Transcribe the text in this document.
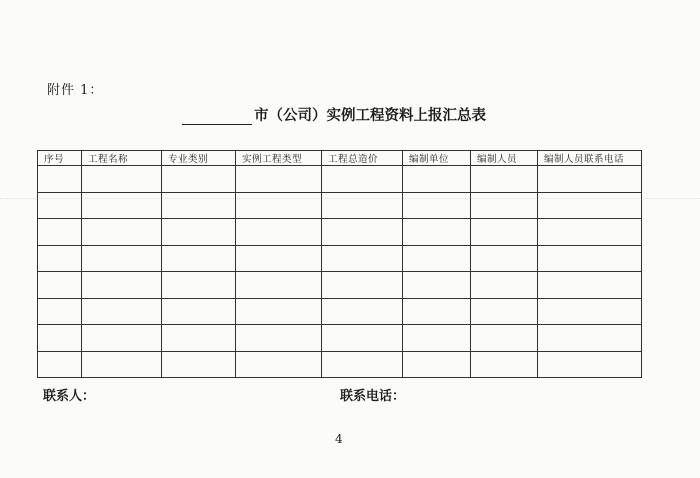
附件 1：
市（公司）实例工程资料上报汇总表
序号	工程名称	专业类别	实例工程类型	工程总造价	编制单位	编制人员	编制人员联系电话

联系人：	联系电话：
4
